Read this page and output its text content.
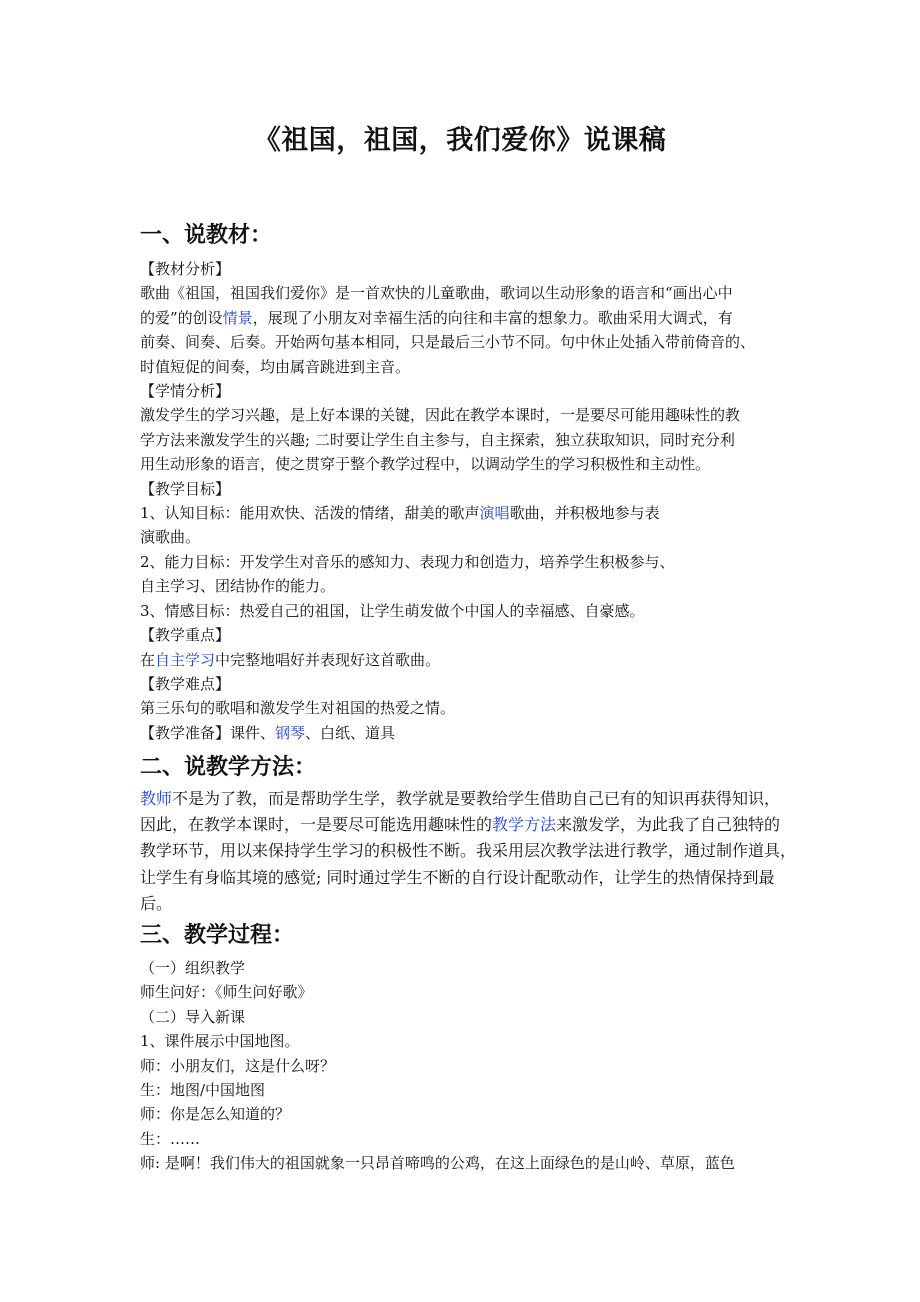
《祖国，祖国，我们爱你》说课稿
一、说教材：
【教材分析】
歌曲《祖国，祖国我们爱你》是一首欢快的儿童歌曲，歌词以生动形象的语言和“画出心中
的爱”的创设情景，展现了小朋友对幸福生活的向往和丰富的想象力。歌曲采用大调式，有
前奏、间奏、后奏。开始两句基本相同，只是最后三小节不同。句中休止处插入带前倚音的、
时值短促的间奏，均由属音跳进到主音。
【学情分析】
激发学生的学习兴趣，是上好本课的关键，因此在教学本课时，一是要尽可能用趣味性的教
学方法来激发学生的兴趣; 二时要让学生自主参与，自主探索，独立获取知识，同时充分利
用生动形象的语言，使之贯穿于整个教学过程中，以调动学生的学习积极性和主动性。
【教学目标】
1、认知目标：能用欢快、活泼的情绪，甜美的歌声演唱歌曲，并积极地参与表
演歌曲。
2、能力目标：开发学生对音乐的感知力、表现力和创造力，培养学生积极参与、
自主学习、团结协作的能力。
3、情感目标：热爱自己的祖国，让学生萌发做个中国人的幸福感、自豪感。
【教学重点】
在自主学习中完整地唱好并表现好这首歌曲。
【教学难点】
第三乐句的歌唱和激发学生对祖国的热爱之情。
【教学准备】课件、钢琴、白纸、道具
二、说教学方法：
教师不是为了教，而是帮助学生学，教学就是要教给学生借助自己已有的知识再获得知识，
因此，在教学本课时，一是要尽可能选用趣味性的教学方法来激发学，为此我了自己独特的
教学环节，用以来保持学生学习的积极性不断。我采用层次教学法进行教学，通过制作道具，
让学生有身临其境的感觉; 同时通过学生不断的自行设计配歌动作，让学生的热情保持到最
后。
三、教学过程：
（一）组织教学
师生问好：《师生问好歌》
（二）导入新课
1、课件展示中国地图。
师：小朋友们，这是什么呀？
生：地图/中国地图
师：你是怎么知道的？
生：……
师: 是啊！我们伟大的祖国就象一只昂首啼鸣的公鸡，在这上面绿色的是山岭、草原，蓝色
